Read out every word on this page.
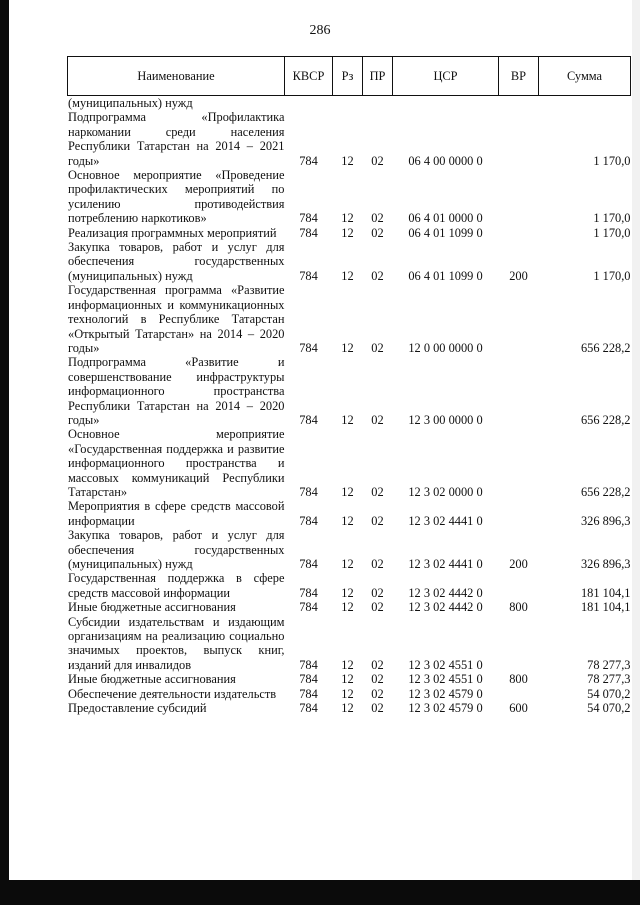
286
Наименование	КВСР	Рз	ПР	ЦСР	ВР	Сумма
(муниципальных) нужд						
Подпрограмма «Профилактика наркомании среди населения Республики Татарстан на 2014 – 2021 годы»	784	12	02	06 4 00 0000 0		1 170,0
Основное мероприятие «Проведение профилактических мероприятий по усилению противодействия потреблению наркотиков»	784	12	02	06 4 01 0000 0		1 170,0
Реализация программных мероприятий	784	12	02	06 4 01 1099 0		1 170,0
Закупка товаров, работ и услуг для обеспечения государственных (муниципальных) нужд	784	12	02	06 4 01 1099 0	200	1 170,0
Государственная программа «Развитие информационных и коммуникационных технологий в Республике Татарстан «Открытый Татарстан» на 2014 – 2020 годы»	784	12	02	12 0 00 0000 0		656 228,2
Подпрограмма «Развитие и совершенствование инфраструктуры информационного пространства Республики Татарстан на 2014 – 2020 годы»	784	12	02	12 3 00 0000 0		656 228,2
Основное мероприятие «Государственная поддержка и развитие информационного пространства и массовых коммуникаций Республики Татарстан»	784	12	02	12 3 02 0000 0		656 228,2
Мероприятия в сфере средств массовой информации	784	12	02	12 3 02 4441 0		326 896,3
Закупка товаров, работ и услуг для обеспечения государственных (муниципальных) нужд	784	12	02	12 3 02 4441 0	200	326 896,3
Государственная поддержка в сфере средств массовой информации	784	12	02	12 3 02 4442 0		181 104,1
Иные бюджетные ассигнования	784	12	02	12 3 02 4442 0	800	181 104,1
Субсидии издательствам и издающим организациям на реализацию социально значимых проектов, выпуск книг, изданий для инвалидов	784	12	02	12 3 02 4551 0		78 277,3
Иные бюджетные ассигнования	784	12	02	12 3 02 4551 0	800	78 277,3
Обеспечение деятельности издательств	784	12	02	12 3 02 4579 0		54 070,2
Предоставление субсидий	784	12	02	12 3 02 4579 0	600	54 070,2
